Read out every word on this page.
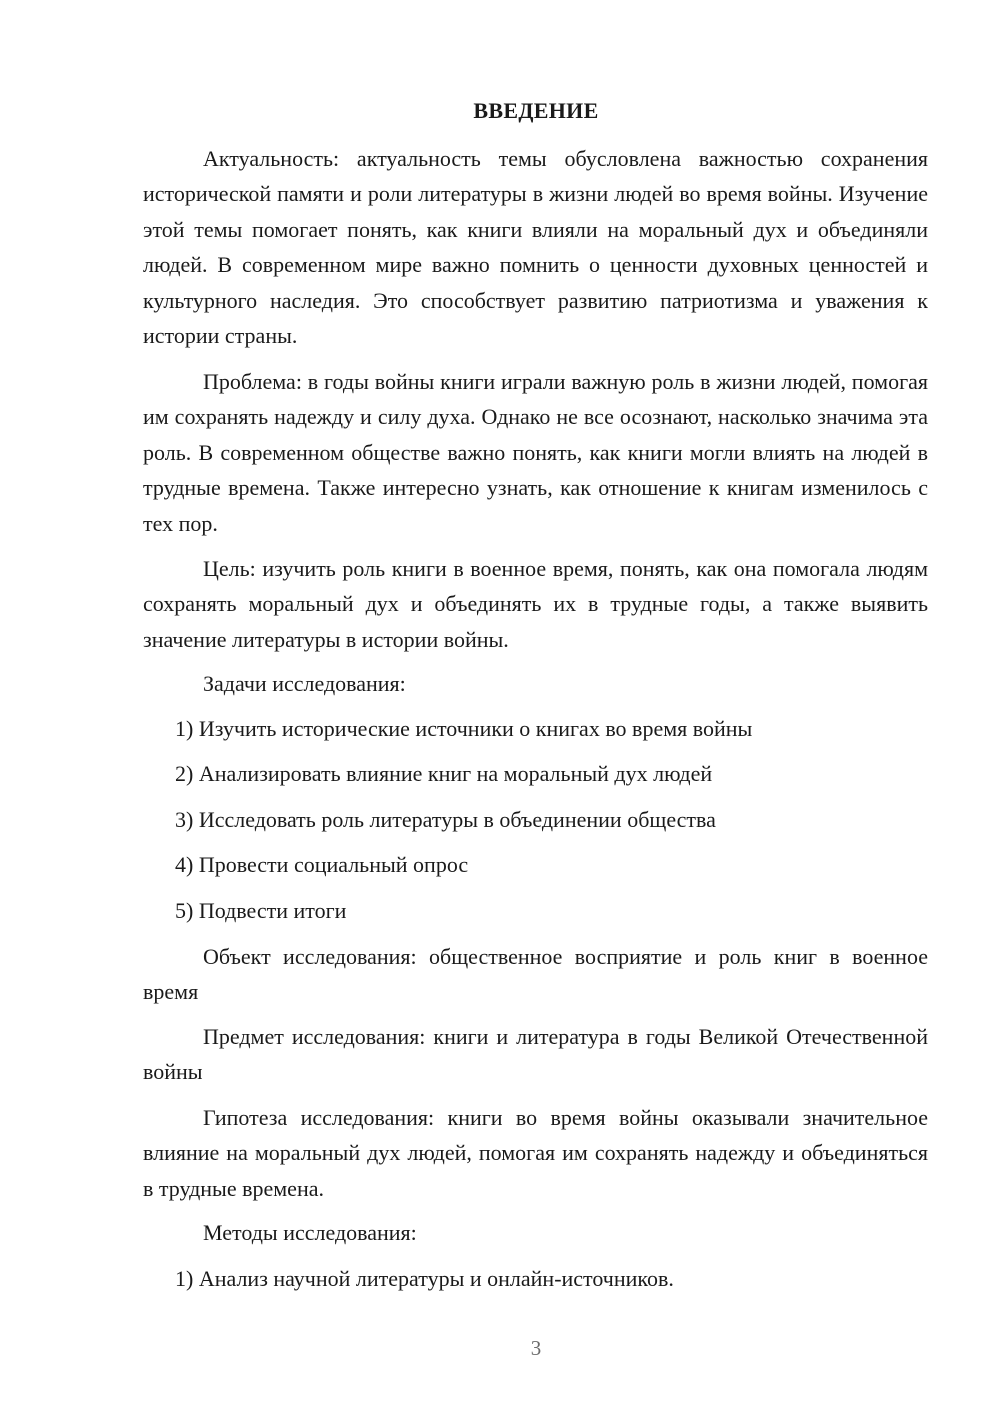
ВВЕДЕНИЕ

Актуальность: актуальность темы обусловлена важностью сохранения исторической памяти и роли литературы в жизни людей во время войны. Изучение этой темы помогает понять, как книги влияли на моральный дух и объединяли людей. В современном мире важно помнить о ценности духовных ценностей и культурного наследия. Это способствует развитию патриотизма и уважения к истории страны.

Проблема: в годы войны книги играли важную роль в жизни людей, помогая им сохранять надежду и силу духа. Однако не все осознают, насколько значима эта роль. В современном обществе важно понять, как книги могли влиять на людей в трудные времена. Также интересно узнать, как отношение к книгам изменилось с тех пор.

Цель: изучить роль книги в военное время, понять, как она помогала людям сохранять моральный дух и объединять их в трудные годы, а также выявить значение литературы в истории войны.

Задачи исследования:

1) Изучить исторические источники о книгах во время войны

2) Анализировать влияние книг на моральный дух людей

3) Исследовать роль литературы в объединении общества

4) Провести социальный опрос

5) Подвести итоги

Объект исследования: общественное восприятие и роль книг в военное время

Предмет исследования: книги и литература в годы Великой Отечественной войны

Гипотеза исследования: книги во время войны оказывали значительное влияние на моральный дух людей, помогая им сохранять надежду и объединяться в трудные времена.

Методы исследования:

1) Анализ научной литературы и онлайн-источников.

3
